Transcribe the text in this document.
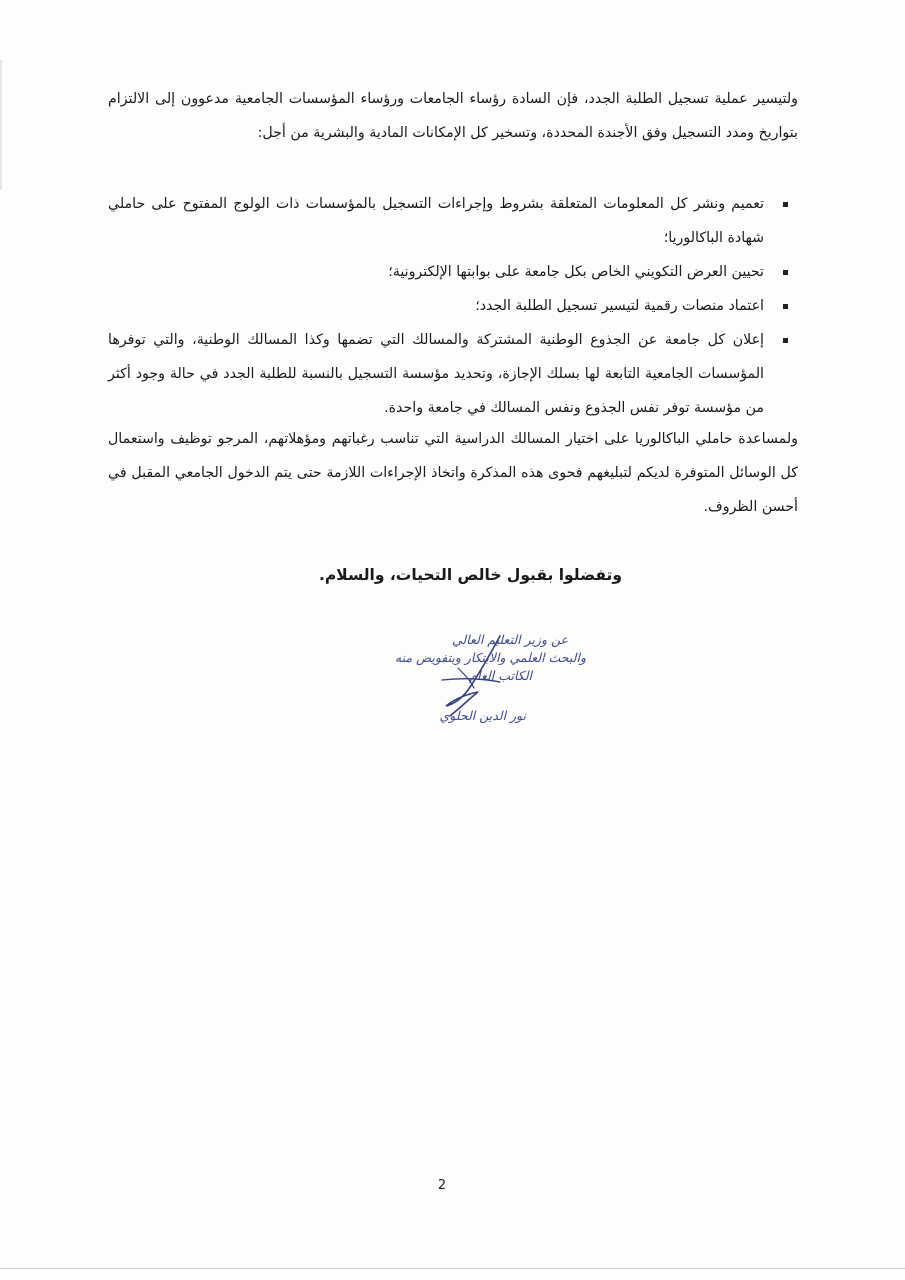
ولتيسير عملية تسجيل الطلبة الجدد، فإن السادة رؤساء الجامعات ورؤساء المؤسسات الجامعية مدعوون إلى الالتزام بتواريخ ومدد التسجيل وفق الأجندة المحددة، وتسخير كل الإمكانات المادية والبشرية من أجل:

تعميم ونشر كل المعلومات المتعلقة بشروط وإجراءات التسجيل بالمؤسسات ذات الولوج المفتوح على حاملي شهادة الباكالوريا؛
تحيين العرض التكويني الخاص بكل جامعة على بوابتها الإلكترونية؛
اعتماد منصات رقمية لتيسير تسجيل الطلبة الجدد؛
إعلان كل جامعة عن الجذوع الوطنية المشتركة والمسالك التي تضمها وكذا المسالك الوطنية، والتي توفرها المؤسسات الجامعية التابعة لها بسلك الإجازة، وتحديد مؤسسة التسجيل بالنسبة للطلبة الجدد في حالة وجود أكثر من مؤسسة توفر نفس الجذوع ونفس المسالك في جامعة واحدة.

ولمساعدة حاملي الباكالوريا على اختيار المسالك الدراسية التي تناسب رغباتهم ومؤهلاتهم، المرجو توظيف واستعمال كل الوسائل المتوفرة لديكم لتبليغهم فحوى هذه المذكرة واتخاذ الإجراءات اللازمة حتى يتم الدخول الجامعي المقبل في أحسن الظروف.

وتفضلوا بقبول خالص التحيات، والسلام.
عن وزير التعليم العالي
والبحث العلمي والابتكار وبتفويض منه
الكاتب العام
نور الدين الحلوي
2
